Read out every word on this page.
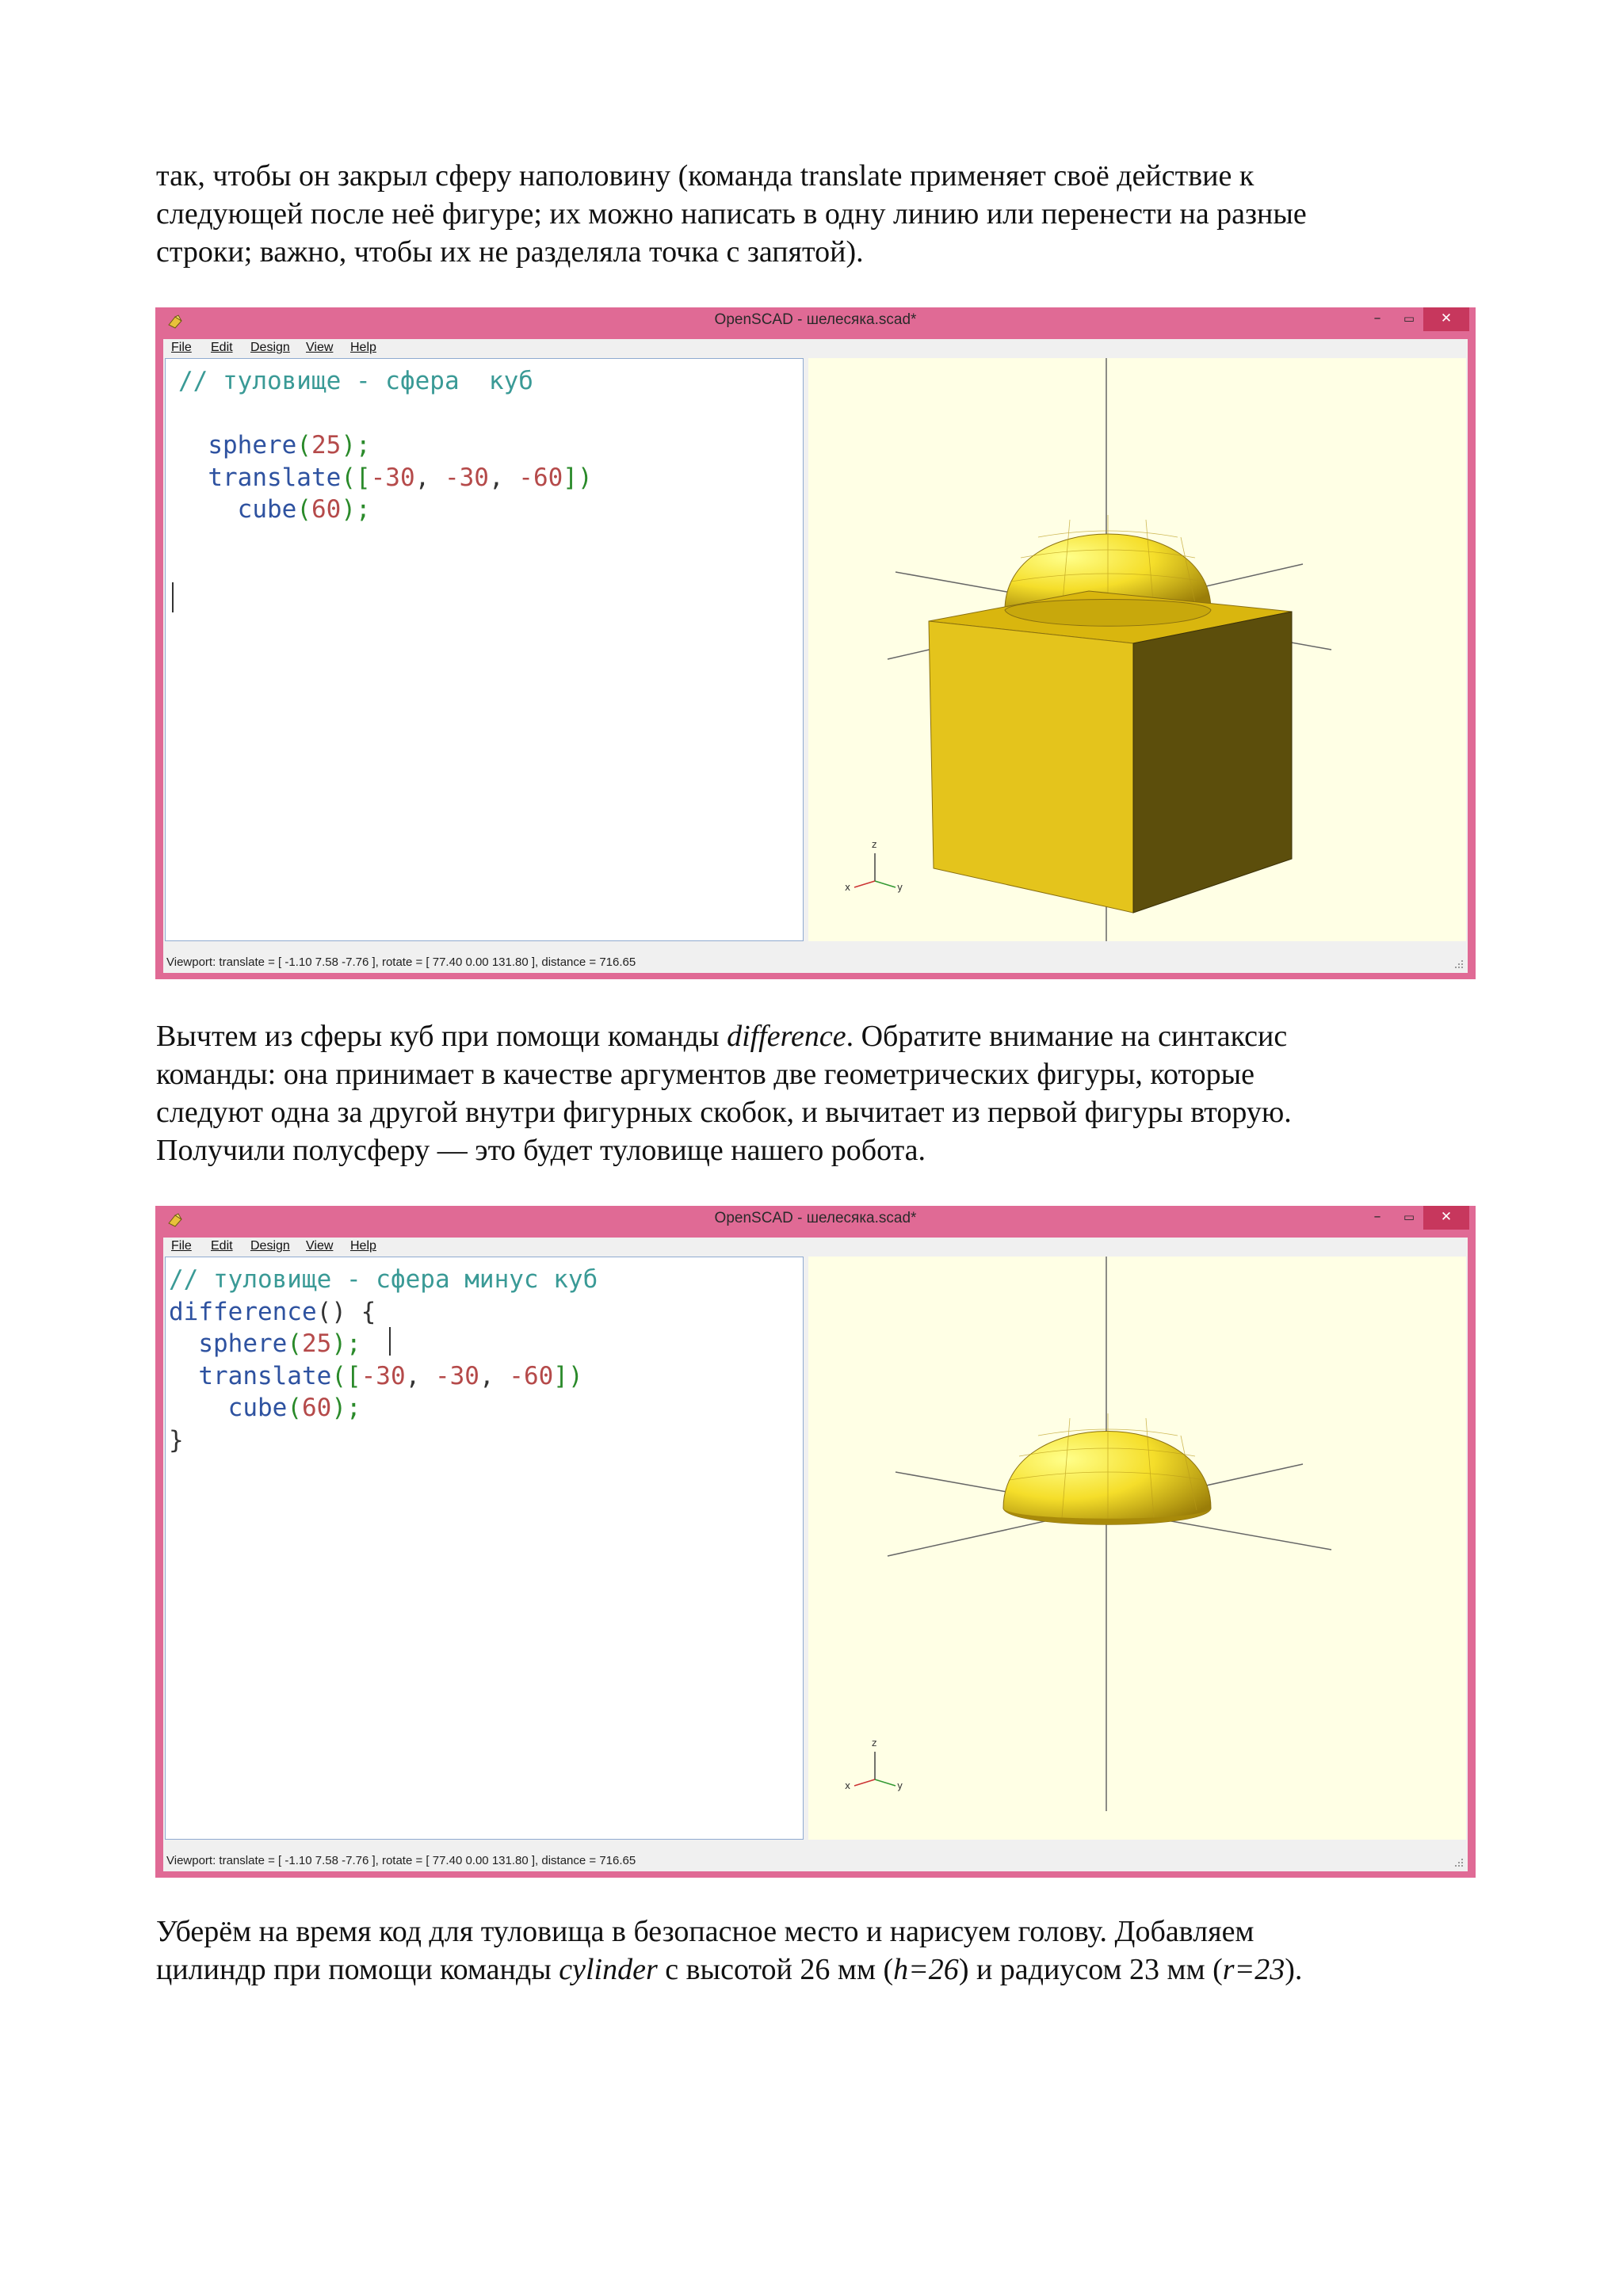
так, чтобы он закрыл сферу наполовину (команда translate применяет своё действие к
следующей после неё фигуре; их можно написать в одну линию или перенести на разные
строки; важно, чтобы их не разделяла точка с запятой).
OpenSCAD - шелесяка.scad*	–	▭	✕
File Edit Design View Help
// туловище - сфера  куб

sphere(25);
translate([-30, -30, -60])
cube(60);
z
x	y
Viewport: translate = [ -1.10 7.58 -7.76 ], rotate = [ 77.40 0.00 131.80 ], distance = 716.65
Вычтем из сферы куб при помощи команды difference. Обратите внимание на синтаксис
команды: она принимает в качестве аргументов две геометрических фигуры, которые
следуют одна за другой внутри фигурных скобок, и вычитает из первой фигуры вторую.
Получили полусферу — это будет туловище нашего робота.
OpenSCAD - шелесяка.scad*	–	▭	✕
File Edit Design View Help
// туловище - сфера минус куб
difference() {
sphere(25);
translate([-30, -30, -60])
cube(60);
}
z
x	y
Viewport: translate = [ -1.10 7.58 -7.76 ], rotate = [ 77.40 0.00 131.80 ], distance = 716.65
Уберём на время код для туловища в безопасное место и нарисуем голову. Добавляем
цилиндр при помощи команды cylinder с высотой 26 мм (h=26) и радиусом 23 мм (r=23).
